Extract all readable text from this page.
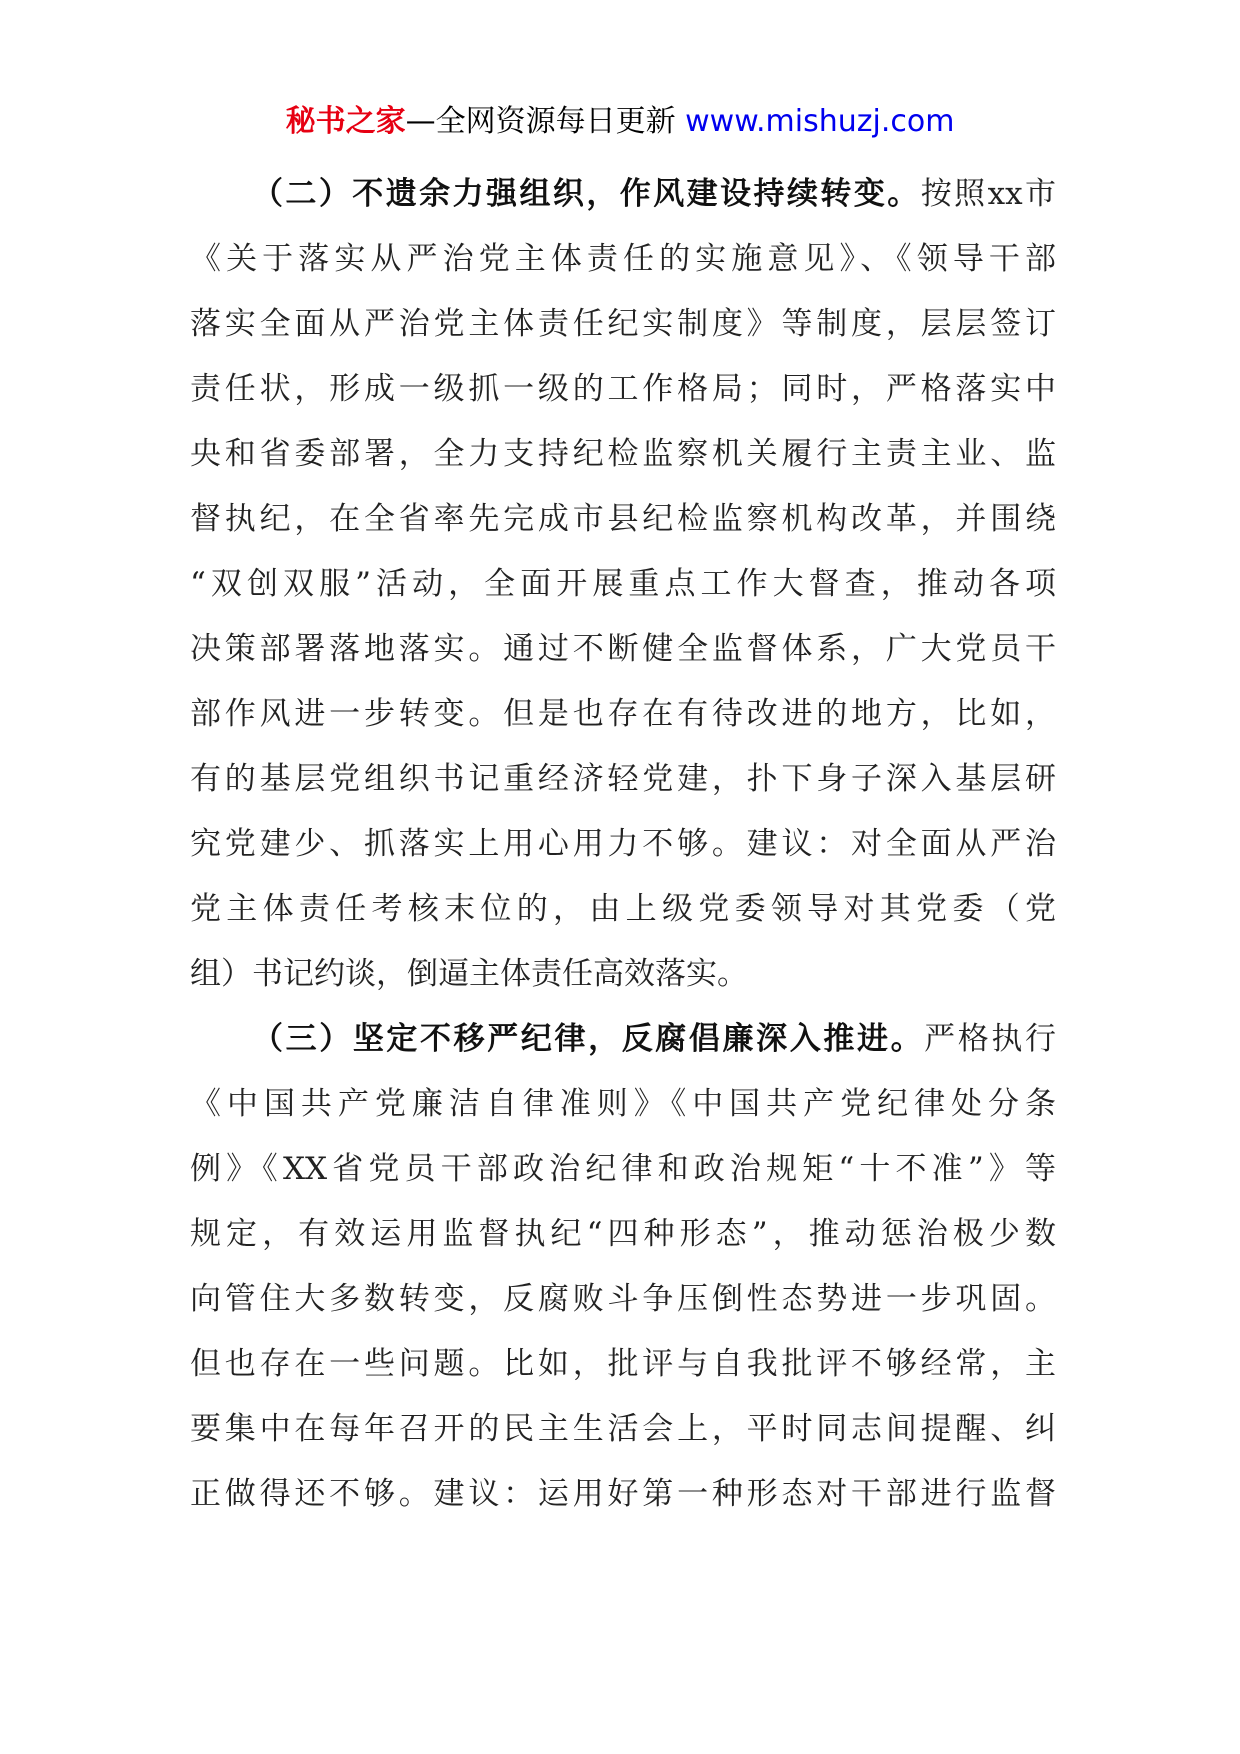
秘书之家—全网资源每日更新 www.mishuzj.com
（二）不遗余力强组织，作风建设持续转变。按照xx市
《关于落实从严治党主体责任的实施意见》、《领导干部
落实全面从严治党主体责任纪实制度》等制度，层层签订
责任状，形成一级抓一级的工作格局；同时，严格落实中
央和省委部署，全力支持纪检监察机关履行主责主业、监
督执纪，在全省率先完成市县纪检监察机构改革，并围绕
“双创双服”活动，全面开展重点工作大督查，推动各项
决策部署落地落实。通过不断健全监督体系，广大党员干
部作风进一步转变。但是也存在有待改进的地方，比如，
有的基层党组织书记重经济轻党建，扑下身子深入基层研
究党建少、抓落实上用心用力不够。建议：对全面从严治
党主体责任考核末位的，由上级党委领导对其党委（党
组）书记约谈，倒逼主体责任高效落实。
（三）坚定不移严纪律，反腐倡廉深入推进。严格执行
《中国共产党廉洁自律准则》《中国共产党纪律处分条
例》《XX省党员干部政治纪律和政治规矩“十不准”》等
规定，有效运用监督执纪“四种形态”，推动惩治极少数
向管住大多数转变，反腐败斗争压倒性态势进一步巩固。
但也存在一些问题。比如，批评与自我批评不够经常，主
要集中在每年召开的民主生活会上，平时同志间提醒、纠
正做得还不够。建议：运用好第一种形态对干部进行监督
